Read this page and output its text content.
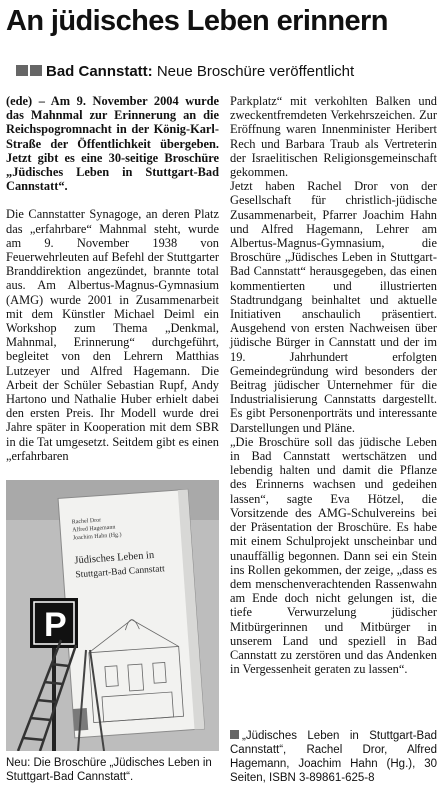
An jüdisches Leben erinnern
Bad Cannstatt: Neue Broschüre veröffentlicht

(ede) – Am 9. November 2004 wurde das Mahnmal zur Erinnerung an die Reichspogromnacht in der König-Karl-Straße der Öffentlichkeit übergeben. Jetzt gibt es eine 30-seitige Broschüre „Jüdisches Leben in Stuttgart-Bad Cannstatt“.

Die Cannstatter Synagoge, an deren Platz das „erfahrbare“ Mahnmal steht, wurde am 9. November 1938 von Feuerwehrleuten auf Befehl der Stuttgarter Branddirektion angezündet, brannte total aus. Am Albertus-Magnus-Gymnasium (AMG) wurde 2001 in Zusammenarbeit mit dem Künstler Michael Deiml ein Workshop zum Thema „Denkmal, Mahnmal, Erinnerung“ durchgeführt, begleitet von den Lehrern Matthias Lutzeyer und Alfred Hagemann. Die Arbeit der Schüler Sebastian Rupf, Andy Hartono und Nathalie Huber erhielt dabei den ersten Preis. Ihr Modell wurde drei Jahre später in Kooperation mit dem SBR in die Tat umgesetzt. Seitdem gibt es einen „erfahrbaren

Rachel Dror
Alfred Hagemann
Joachim Hahn (Hg.)
Jüdisches Leben in
Stuttgart-Bad Cannstatt
P
Neu: Die Broschüre „Jüdisches Leben in Stuttgart-Bad Cannstatt“.

Parkplatz“ mit verkohlten Balken und zweckentfremdeten Verkehrszeichen. Zur Eröffnung waren Innenminister Heribert Rech und Barbara Traub als Vertreterin der Israelitischen Religionsgemeinschaft gekommen.

Jetzt haben Rachel Dror von der Gesellschaft für christlich-jüdische Zusammenarbeit, Pfarrer Joachim Hahn und Alfred Hagemann, Lehrer am Albertus-Magnus-Gymnasium, die Broschüre „Jüdisches Leben in Stuttgart-Bad Cannstatt“ herausgegeben, das einen kommentierten und illustrierten Stadtrundgang beinhaltet und aktuelle Initiativen anschaulich präsentiert. Ausgehend von ersten Nachweisen über jüdische Bürger in Cannstatt und der im 19. Jahrhundert erfolgten Gemeindegründung wird besonders der Beitrag jüdischer Unternehmer für die Industrialisierung Cannstatts dargestellt. Es gibt Personenporträts und interessante Darstellungen und Pläne.

„Die Broschüre soll das jüdische Leben in Bad Cannstatt wertschätzen und lebendig halten und damit die Pflanze des Erinnerns wachsen und gedeihen lassen“, sagte Eva Hötzel, die Vorsitzende des AMG-Schulvereins bei der Präsentation der Broschüre. Es habe mit einem Schulprojekt unscheinbar und unauffällig begonnen. Dann sei ein Stein ins Rollen gekommen, der zeige, „dass es dem menschenverachtenden Rassenwahn am Ende doch nicht gelungen ist, die tiefe Verwurzelung jüdischer Mitbürgerinnen und Mitbürger in unserem Land und speziell in Bad Cannstatt zu zerstören und das Andenken in Vergessenheit geraten zu lassen“.

„Jüdisches Leben in Stuttgart-Bad Cannstatt“, Rachel Dror, Alfred Hagemann, Joachim Hahn (Hg.), 30 Seiten, ISBN 3-89861-625-8
